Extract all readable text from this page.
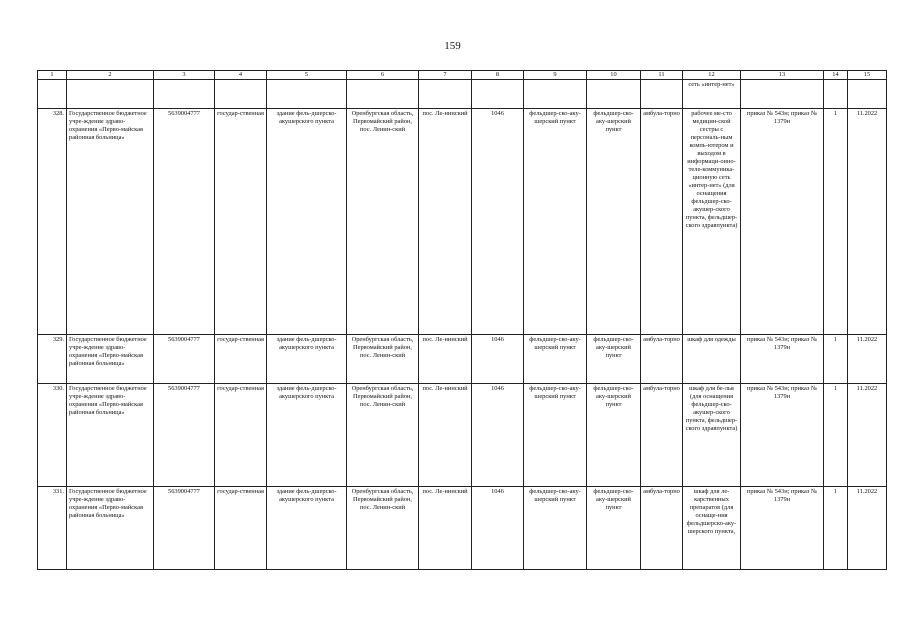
159
1	2	3	4	5	6	7	8	9	10	11	12	13	14	15
											сеть «интер-нет»			
328.	Государственное бюджетное учре-ждение здраво-охранения «Перво-майская районная больница»	5639004777	государ-ственная	здание фель-дшерско-акушерского пункта	Оренбургская область, Первомайский район, пос. Ленин-ский	пос. Ле-нинский	1046	фельдшер-ско-аку-шерский пункт	фельдшер-ско-аку-шерский пункт	амбула-торно	рабочее ме-сто медицин-ской сестры с персональ-ным компь-ютером и выходом в информаци-онно-теле-коммуника-ционную сеть «интер-нет» (для оснащения фельдшер-ско-акушер-ского пункта, фельдшер-ского здравпункта)	приказ № 543н; приказ № 1379н	1	11.2022
329.	Государственное бюджетное учре-ждение здраво-охранения «Перво-майская районная больница»	5639004777	государ-ственная	здание фель-дшерско-акушерского пункта	Оренбургская область, Первомайский район, пос. Ленин-ский	пос. Ле-нинский	1046	фельдшер-ско-аку-шерский пункт	фельдшер-ско-аку-шерский пункт	амбула-торно	шкаф для одежды	приказ № 543н; приказ № 1379н	1	11.2022
330.	Государственное бюджетное учре-ждение здраво-охранения «Перво-майская районная больница»	5639004777	государ-ственная	здание фель-дшерско-акушерского пункта	Оренбургская область, Первомайский район, пос. Ленин-ский	пос. Ле-нинский	1046	фельдшер-ско-аку-шерский пункт	фельдшер-ско-аку-шерский пункт	амбула-торно	шкаф для бе-лья (для оснащения фельдшер-ско-акушер-ского пункта, фельдшер-ского здравпункта)	приказ № 543н; приказ № 1379н	1	11.2022
331.	Государственное бюджетное учре-ждение здраво-охранения «Перво-майская районная больница»	5639004777	государ-ственная	здание фель-дшерско-акушерского пункта	Оренбургская область, Первомайский район, пос. Ленин-ский	пос. Ле-нинский	1046	фельдшер-ско-аку-шерский пункт	фельдшер-ско-аку-шерский пункт	амбула-торно	шкаф для ле-карственных препаратов (для оснаще-ния фельдшерско-аку-шерского пункта,	приказ № 543н; приказ № 1379н	1	11.2022
